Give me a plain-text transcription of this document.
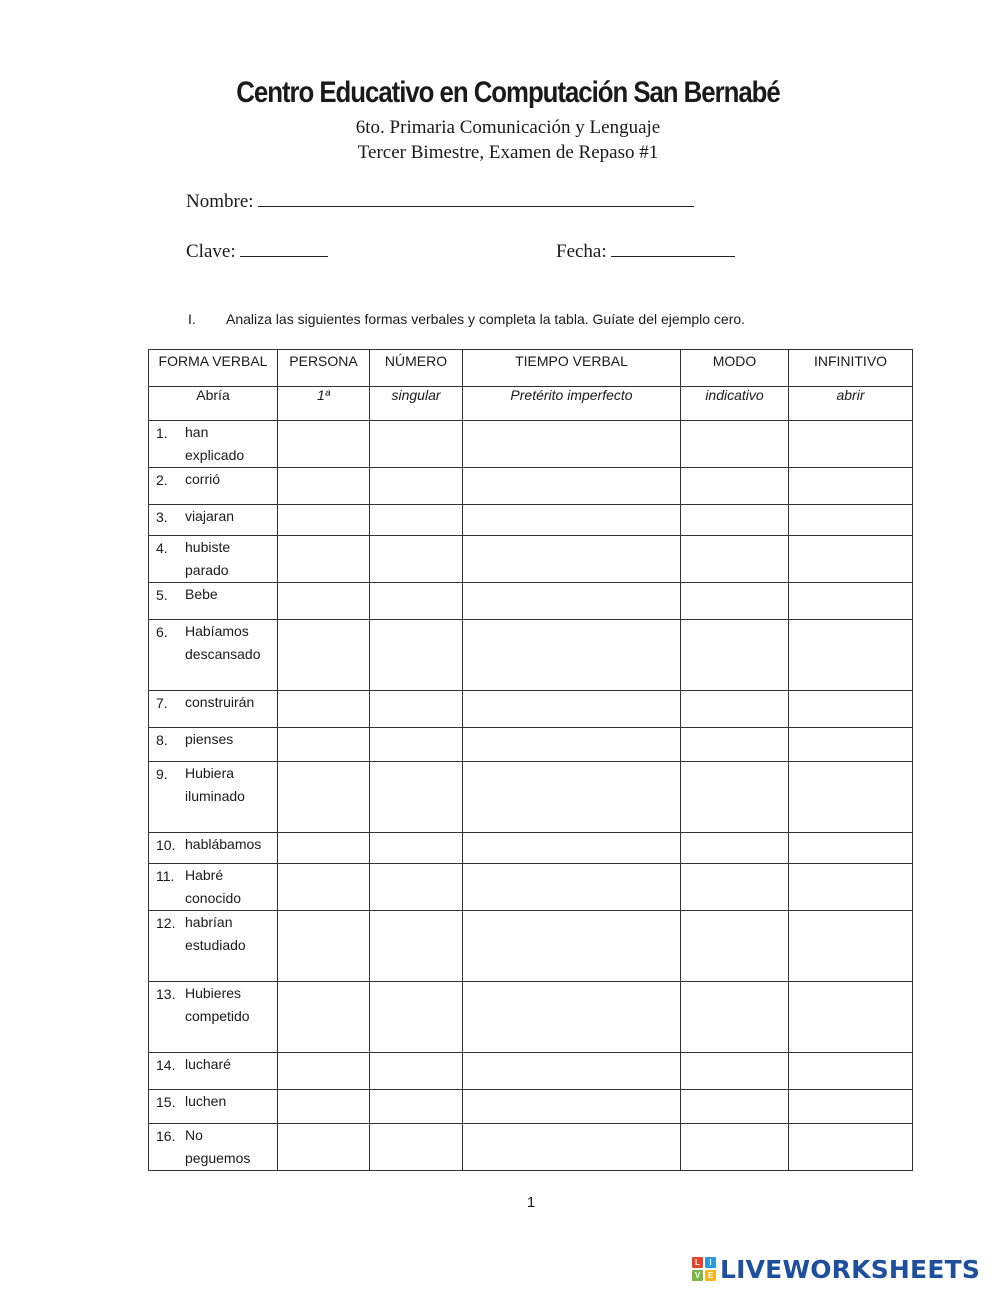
Centro Educativo en Computación San Bernabé
6to. Primaria Comunicación y Lenguaje
Tercer Bimestre, Examen de Repaso #1
Nombre:
Clave:	Fecha:
I. Analiza las siguientes formas verbales y completa la tabla. Guíate del ejemplo cero.
FORMA VERBAL	PERSONA	NÚMERO	TIEMPO VERBAL	MODO	INFINITIVO
Abría	1ª	singular	Pretérito imperfecto	indicativo	abrir

1. han explicado					

2. corrió					

3. viajaran					

4. hubiste parado					

5. Bebe					

6. Habíamos descansado					

7. construirán					

8. pienses					

9. Hubiera iluminado					

10. hablábamos					

11. Habré conocido					

12. habrían estudiado					

13. Hubieres competido					

14. lucharé					

15. luchen					

16. No peguemos					

1
L	I
V E LIVEWORKSHEETS
